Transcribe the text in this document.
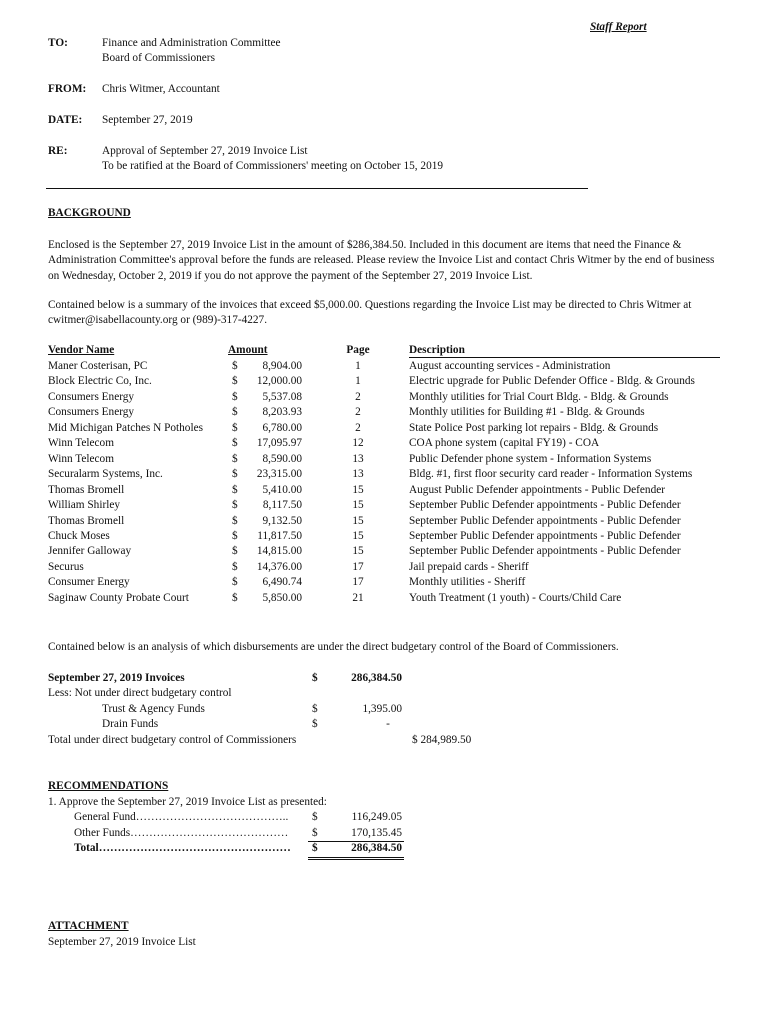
Staff Report
TO:	Finance and Administration Committee
Board of Commissioners
FROM: Chris Witmer, Accountant
DATE: September 27, 2019
RE:	Approval of September 27, 2019 Invoice List
To be ratified at the Board of Commissioners' meeting on October 15, 2019
BACKGROUND
Enclosed is the September 27, 2019 Invoice List in the amount of $286,384.50. Included in this document are items that need the Finance & Administration Committee's approval before the funds are released. Please review the Invoice List and contact Chris Witmer by the end of business on Wednesday, October 2, 2019 if you do not approve the payment of the September 27, 2019 Invoice List.
Contained below is a summary of the invoices that exceed $5,000.00. Questions regarding the Invoice List may be directed to Chris Witmer at cwitmer@isabellacounty.org or (989)-317-4227.
Vendor Name	Amount	Page	Description
Maner Costerisan, PC	$	8,904.00	1	August accounting services - Administration
Block Electric Co, Inc.	$	12,000.00	1	Electric upgrade for Public Defender Office - Bldg. & Grounds
Consumers Energy	$	5,537.08	2	Monthly utilities for Trial Court Bldg. - Bldg. & Grounds
Consumers Energy	$	8,203.93	2	Monthly utilities for Building #1 - Bldg. & Grounds
Mid Michigan Patches N Potholes	$	6,780.00	2	State Police Post parking lot repairs - Bldg. & Grounds
Winn Telecom	$	17,095.97	12	COA phone system (capital FY19) - COA
Winn Telecom	$	8,590.00	13	Public Defender phone system - Information Systems
Securalarm Systems, Inc.	$	23,315.00	13	Bldg. #1, first floor security card reader - Information Systems
Thomas Bromell	$	5,410.00	15	August Public Defender appointments - Public Defender
William Shirley	$	8,117.50	15	September Public Defender appointments - Public Defender
Thomas Bromell	$	9,132.50	15	September Public Defender appointments - Public Defender
Chuck Moses	$	11,817.50	15	September Public Defender appointments - Public Defender
Jennifer Galloway	$	14,815.00	15	September Public Defender appointments - Public Defender
Securus	$	14,376.00	17	Jail prepaid cards - Sheriff
Consumer Energy	$	6,490.74	17	Monthly utilities - Sheriff
Saginaw County Probate Court	$	5,850.00	21	Youth Treatment (1 youth) - Courts/Child Care
Contained below is an analysis of which disbursements are under the direct budgetary control of the Board of Commissioners.
September 27, 2019 Invoices	$	286,384.50
Less: Not under direct budgetary control
Trust & Agency Funds	$	1,395.00
Drain Funds	$	-
Total under direct budgetary control of Commissioners	$ 284,989.50
RECOMMENDATIONS
1. Approve the September 27, 2019 Invoice List as presented:
General Fund………………………………….. $	116,249.05
Other Funds…………………………………… $	170,135.45
Total…………………………………………… $	286,384.50
ATTACHMENT
September 27, 2019 Invoice List
